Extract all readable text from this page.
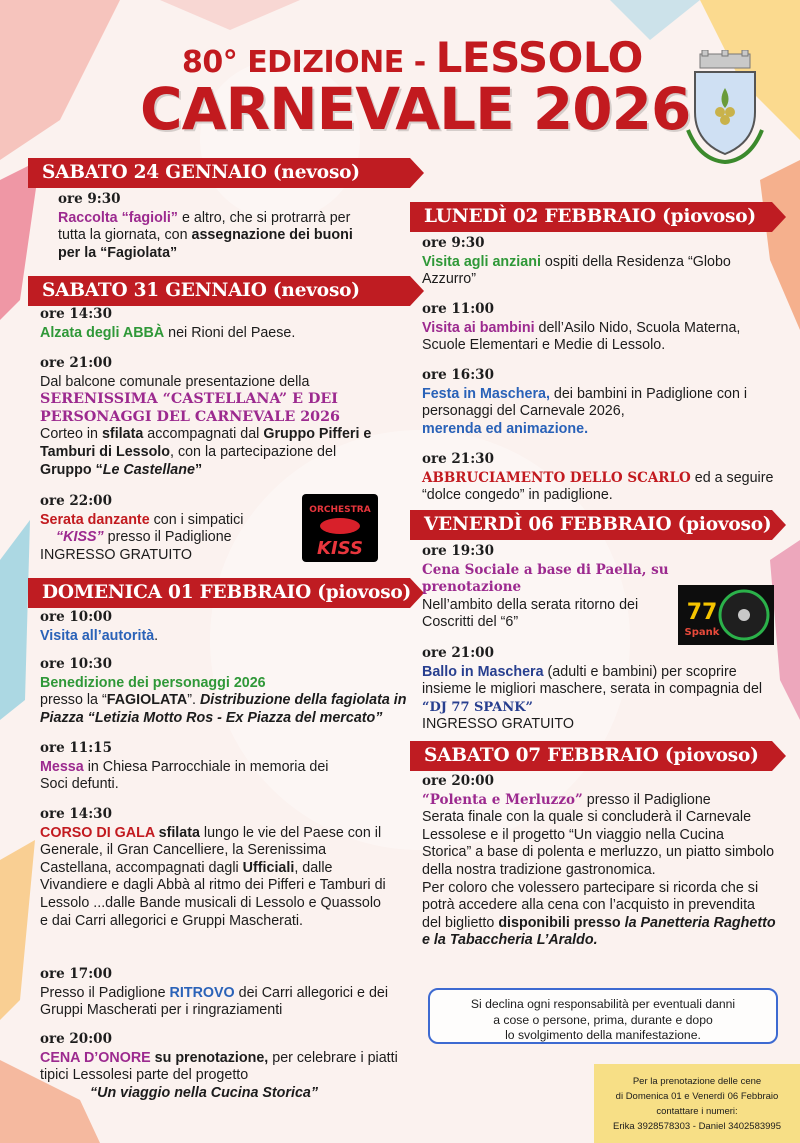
80° EDIZIONE - LESSOLO
CARNEVALE 2026
SABATO 24 GENNAIO (nevoso)
ore 9:30
Raccolta “fagioli” e altro, che si protrarrà per tutta la giornata, con assegnazione dei buoni per la “Fagiolata”
SABATO 31 GENNAIO (nevoso)
ore 14:30
Alzata degli ABBÀ nei Rioni del Paese.
ore 21:00
Dal balcone comunale presentazione della SERENISSIMA “CASTELLANA” E DEI PERSONAGGI DEL CARNEVALE 2026
Corteo in sfilata accompagnati dal Gruppo Pifferi e Tamburi di Lessolo, con la partecipazione del Gruppo “Le Castellane”
ore 22:00
Serata danzante con i simpatici
“KISS” presso il Padiglione
INGRESSO GRATUITO
ORCHESTRA
KISS
DOMENICA 01 FEBBRAIO (piovoso)
ore 10:00
Visita all’autorità.
ore 10:30
Benedizione dei personaggi 2026
presso la “FAGIOLATA”. Distribuzione della fagiolata in Piazza “Letizia Motto Ros - Ex Piazza del mercato”
ore 11:15
Messa in Chiesa Parrocchiale in memoria dei Soci defunti.
ore 14:30
CORSO DI GALA sfilata lungo le vie del Paese con il Generale, il Gran Cancelliere, la Serenissima Castellana, accompagnati dagli Ufficiali, dalle Vivandiere e dagli Abbà al ritmo dei Pifferi e Tamburi di Lessolo ...dalle Bande musicali di Lessolo e Quassolo e dai Carri allegorici e Gruppi Mascherati.
ore 17:00
Presso il Padiglione RITROVO dei Carri allegorici e dei Gruppi Mascherati per i ringraziamenti
ore 20:00
CENA D’ONORE su prenotazione, per celebrare i piatti tipici Lessolesi parte del progetto
“Un viaggio nella Cucina Storica”
LUNEDÌ 02 FEBBRAIO (piovoso)
ore 9:30
Visita agli anziani ospiti della Residenza “Globo Azzurro”
ore 11:00
Visita ai bambini dell’Asilo Nido, Scuola Materna, Scuole Elementari e Medie di Lessolo.
ore 16:30
Festa in Maschera, dei bambini in Padiglione con i personaggi del Carnevale 2026,
merenda ed animazione.
ore 21:30
ABBRUCIAMENTO DELLO SCARLO ed a seguire “dolce congedo” in padiglione.
VENERDÌ 06 FEBBRAIO (piovoso)
ore 19:30
Cena Sociale a base di Paella, su prenotazione
Nell’ambito della serata ritorno dei Coscritti del “6”	77
Spank
ore 21:00
Ballo in Maschera (adulti e bambini) per scoprire insieme le migliori maschere, serata in compagnia del “DJ 77 SPANK”
INGRESSO GRATUITO
SABATO 07 FEBBRAIO (piovoso)
ore 20:00
“Polenta e Merluzzo” presso il Padiglione
Serata finale con la quale si concluderà il Carnevale Lessolese e il progetto “Un viaggio nella Cucina Storica” a base di polenta e merluzzo, un piatto simbolo della nostra tradizione gastronomica.
Per coloro che volessero partecipare si ricorda che si potrà accedere alla cena con l’acquisto in prevendita del biglietto disponibili presso la Panetteria Raghetto e la Tabaccheria L’Araldo.
Si declina ogni responsabilità per eventuali danni
a cose o persone, prima, durante e dopo
lo svolgimento della manifestazione.
Per la prenotazione delle cene
di Domenica 01 e Venerdì 06 Febbraio
contattare i numeri:
Erika 3928578303 - Daniel 3402583995
